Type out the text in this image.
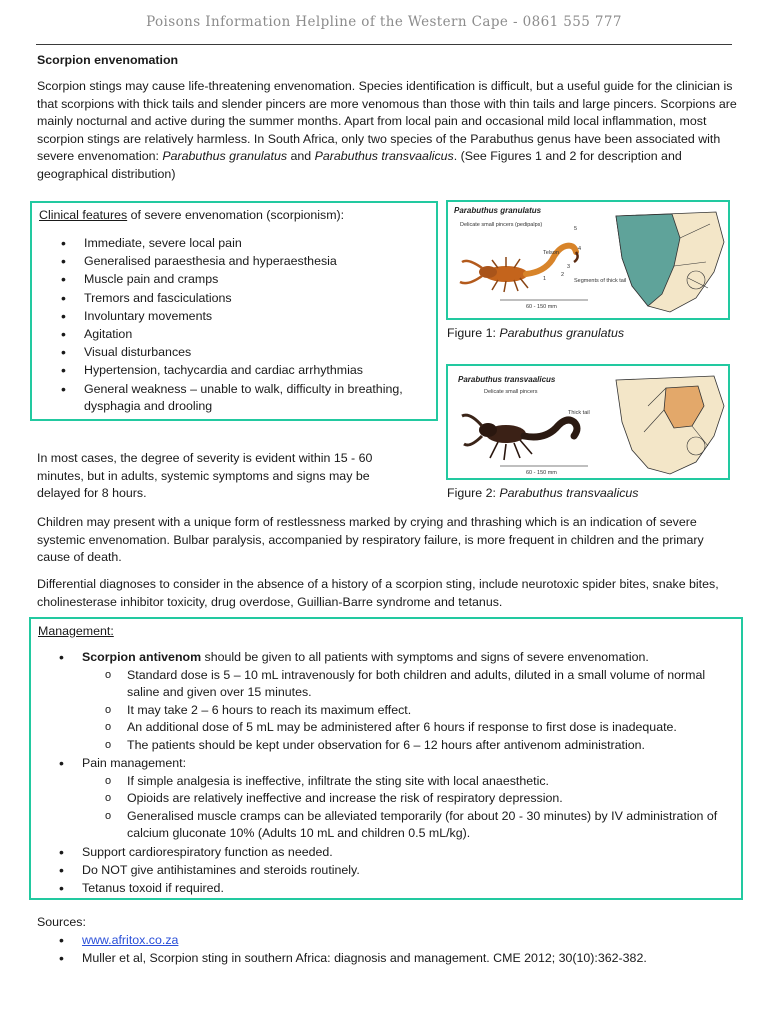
Poisons Information Helpline of the Western Cape - 0861 555 777
Scorpion envenomation

Scorpion stings may cause life-threatening envenomation. Species identification is difficult, but a useful guide for the clinician is that scorpions with thick tails and slender pincers are more venomous than those with thin tails and large pincers. Scorpions are mainly nocturnal and active during the summer months. Apart from local pain and occasional mild local inflammation, most scorpion stings are relatively harmless. In South Africa, only two species of the Parabuthus genus have been associated with severe envenomation: Parabuthus granulatus and Parabuthus transvaalicus. (See Figures 1 and 2 for description and geographical distribution)

Clinical features of severe envenomation (scorpionism):
• Immediate, severe local pain
• Generalised paraesthesia and hyperaesthesia
• Muscle pain and cramps
• Tremors and fasciculations
• Involuntary movements
• Agitation
• Visual disturbances
• Hypertension, tachycardia and cardiac arrhythmias
• General weakness – unable to walk, difficulty in breathing, dysphagia and drooling
Parabuthus granulatus
Delicate small pincers (pedipalps)
60 - 150 mm
Telson
Segments of thick tail
1
2
3
4
5
Figure 1: Parabuthus granulatus
Parabuthus transvaalicus
Delicate small pincers
Thick tail
60 - 150 mm
Figure 2: Parabuthus transvaalicus

In most cases, the degree of severity is evident within 15 - 60 minutes, but in adults, systemic symptoms and signs may be delayed for 8 hours.

Children may present with a unique form of restlessness marked by crying and thrashing which is an indication of severe systemic envenomation. Bulbar paralysis, accompanied by respiratory failure, is more frequent in children and the primary cause of death.

Differential diagnoses to consider in the absence of a history of a scorpion sting, include neurotoxic spider bites, snake bites, cholinesterase inhibitor toxicity, drug overdose, Guillian-Barre syndrome and tetanus.

Management:
• Scorpion antivenom should be given to all patients with symptoms and signs of severe envenomation.
o Standard dose is 5 – 10 mL intravenously for both children and adults, diluted in a small volume of normal saline and given over 15 minutes.
o It may take 2 – 6 hours to reach its maximum effect.
o An additional dose of 5 mL may be administered after 6 hours if response to first dose is inadequate.
o The patients should be kept under observation for 6 – 12 hours after antivenom administration.
• Pain management:
o If simple analgesia is ineffective, infiltrate the sting site with local anaesthetic.
o Opioids are relatively ineffective and increase the risk of respiratory depression.
o Generalised muscle cramps can be alleviated temporarily (for about 20 - 30 minutes) by IV administration of calcium gluconate 10% (Adults 10 mL and children 0.5 mL/kg).
• Support cardiorespiratory function as needed.
• Do NOT give antihistamines and steroids routinely.
• Tetanus toxoid if required.
Sources:
• www.afritox.co.za
• Muller et al, Scorpion sting in southern Africa: diagnosis and management. CME 2012; 30(10):362-382.
